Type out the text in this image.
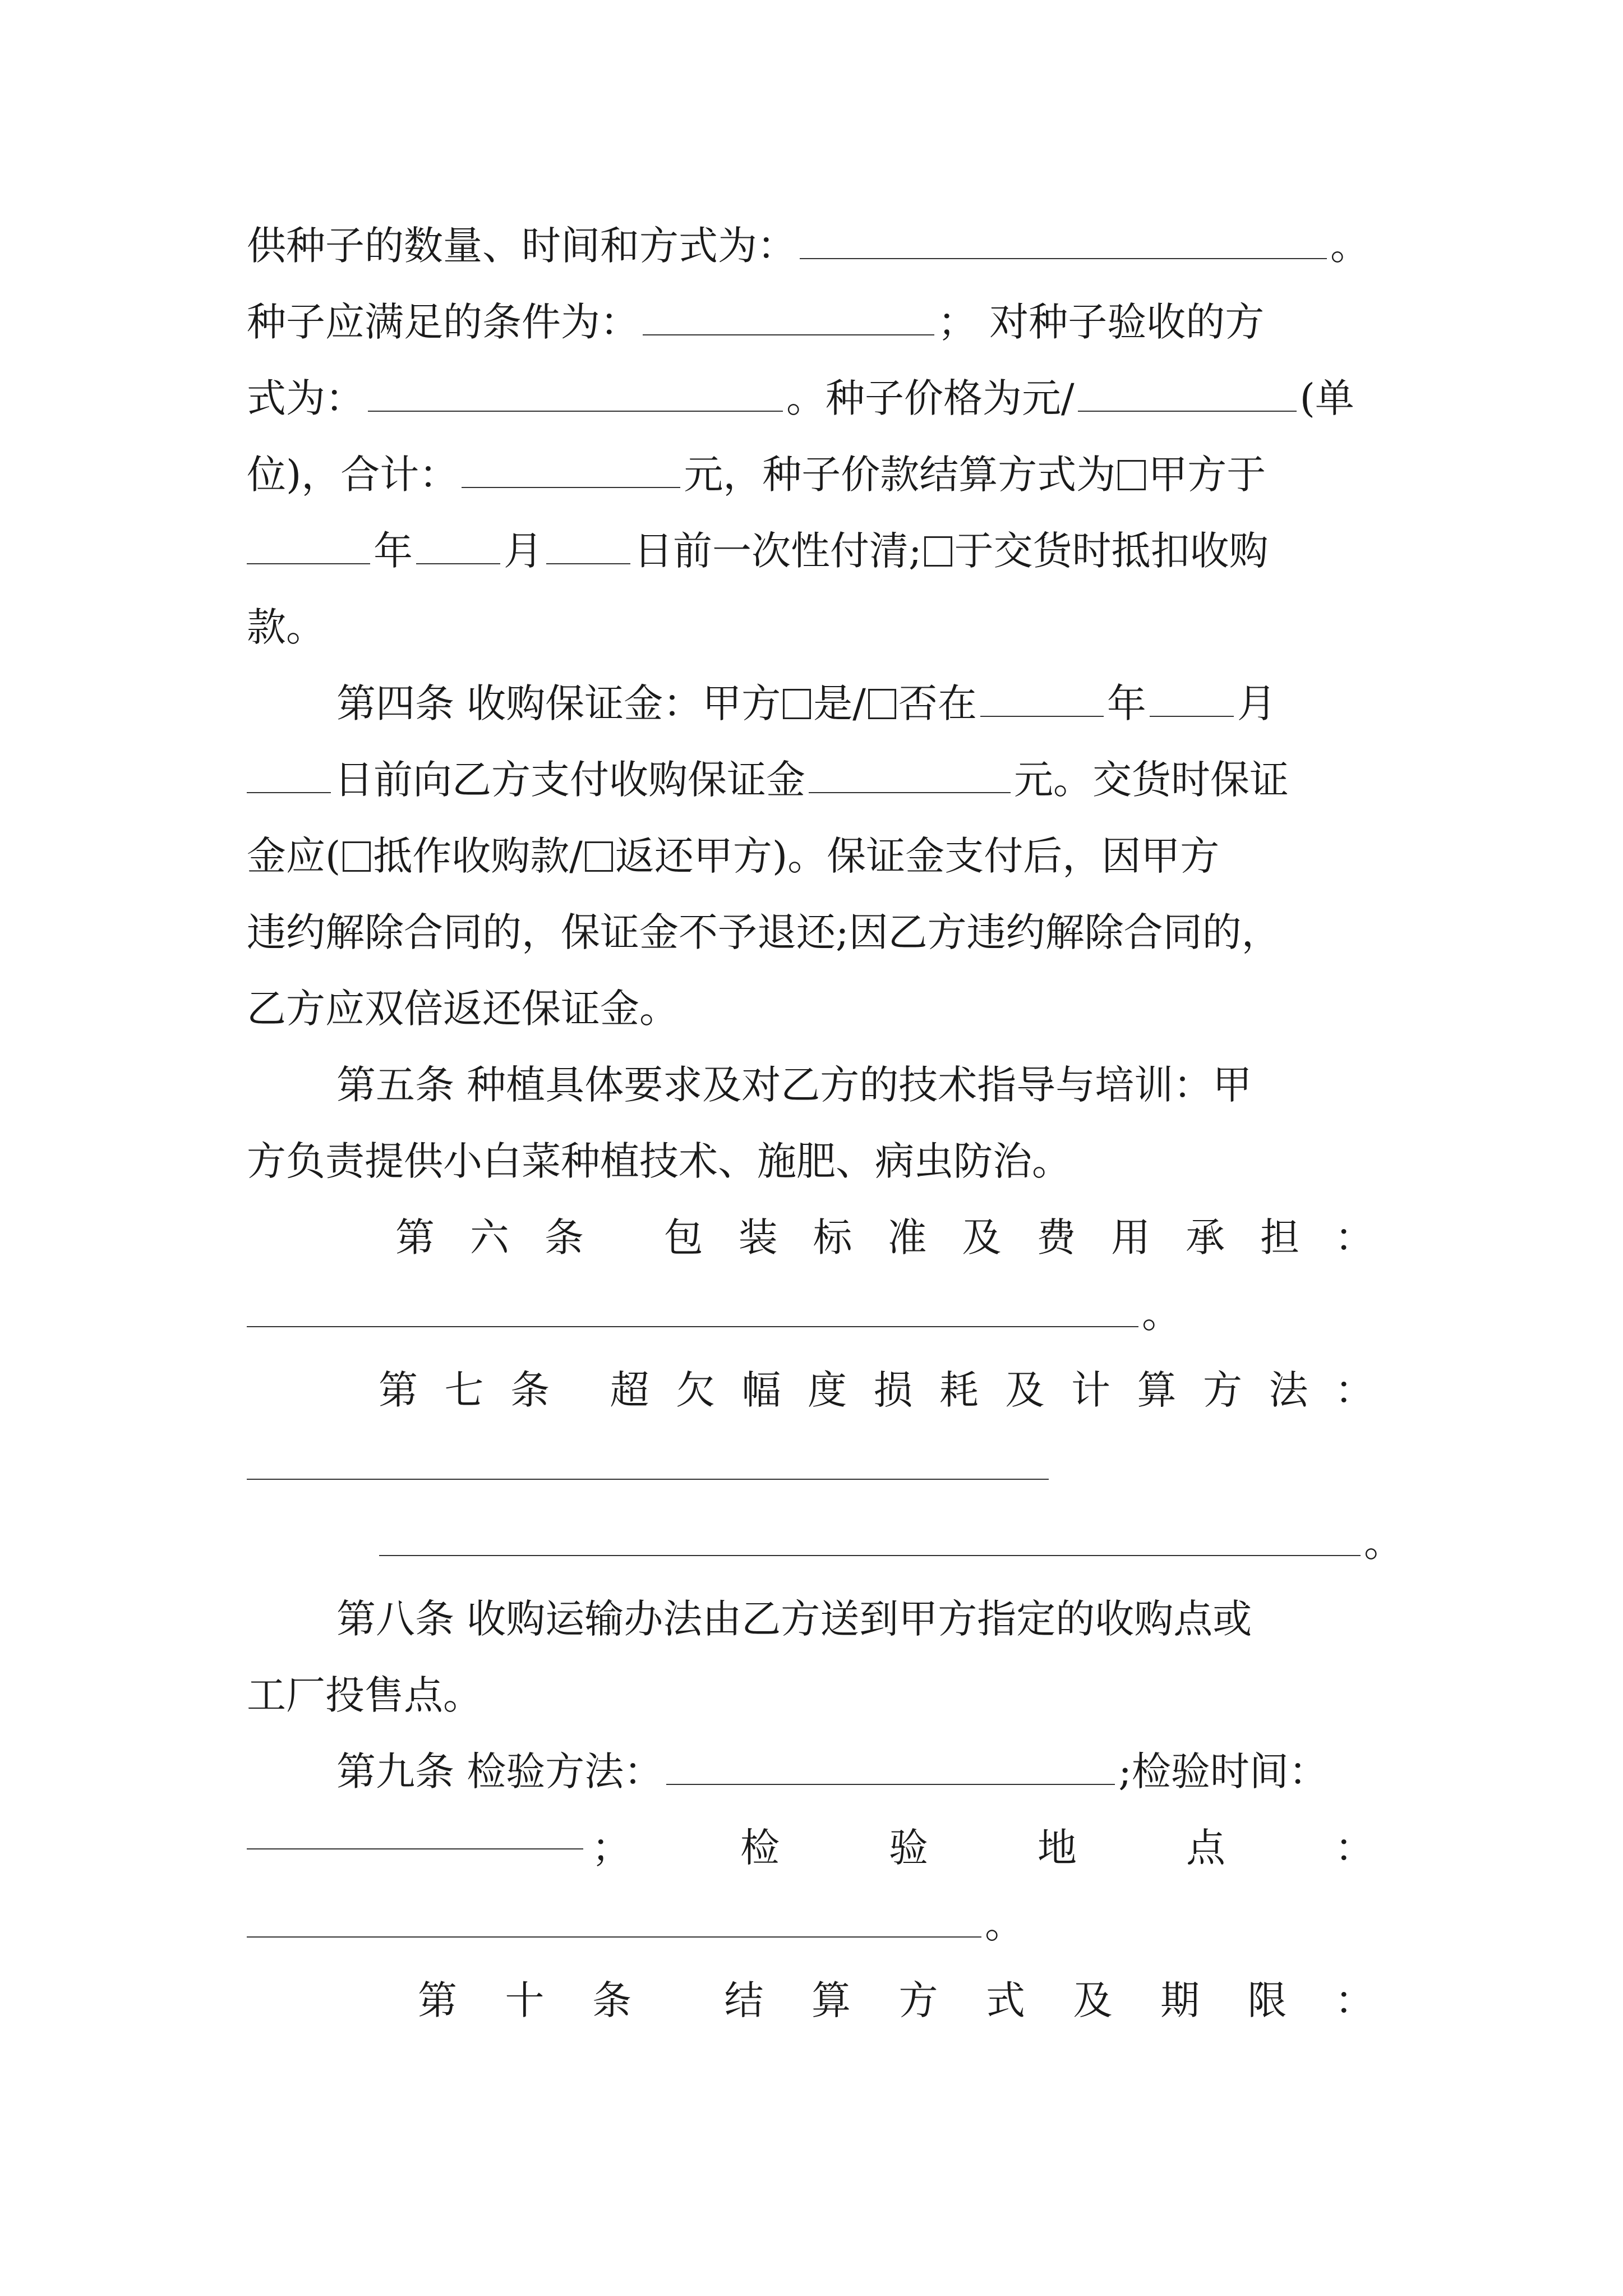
供种子的数量、时间和方式为：	。
种子应满足的条件为：	； 对种子验收的方
式为：	。种子价格为元/	(单
位)，合计：	元，种子价款结算方式为 甲方于
年 月 日前一次性付清; 于交货时抵扣收购
款。
第四条 收购保证金：甲方 是/ 否在	年 月
日前向乙方支付收购保证金	元。交货时保证
金应( 抵作收购款/ 返还甲方)。保证金支付后，因甲方
违约解除合同的，保证金不予退还;因乙方违约解除合同的，
乙方应双倍返还保证金。
第五条 种植具体要求及对乙方的技术指导与培训：甲
方负责提供小白菜种植技术、施肥、病虫防治。
第 六 条 包 装 标 准 及 费 用 承 担 ：
。
第 七 条 超 欠 幅 度 损 耗 及 计 算 方 法 ：
。
第八条 收购运输办法由乙方送到甲方指定的收购点或
工厂投售点。
第九条 检验方法：	;检验时间：
；	检	验	地	点	：
。
第 十 条 结 算 方 式 及 期 限 ：
